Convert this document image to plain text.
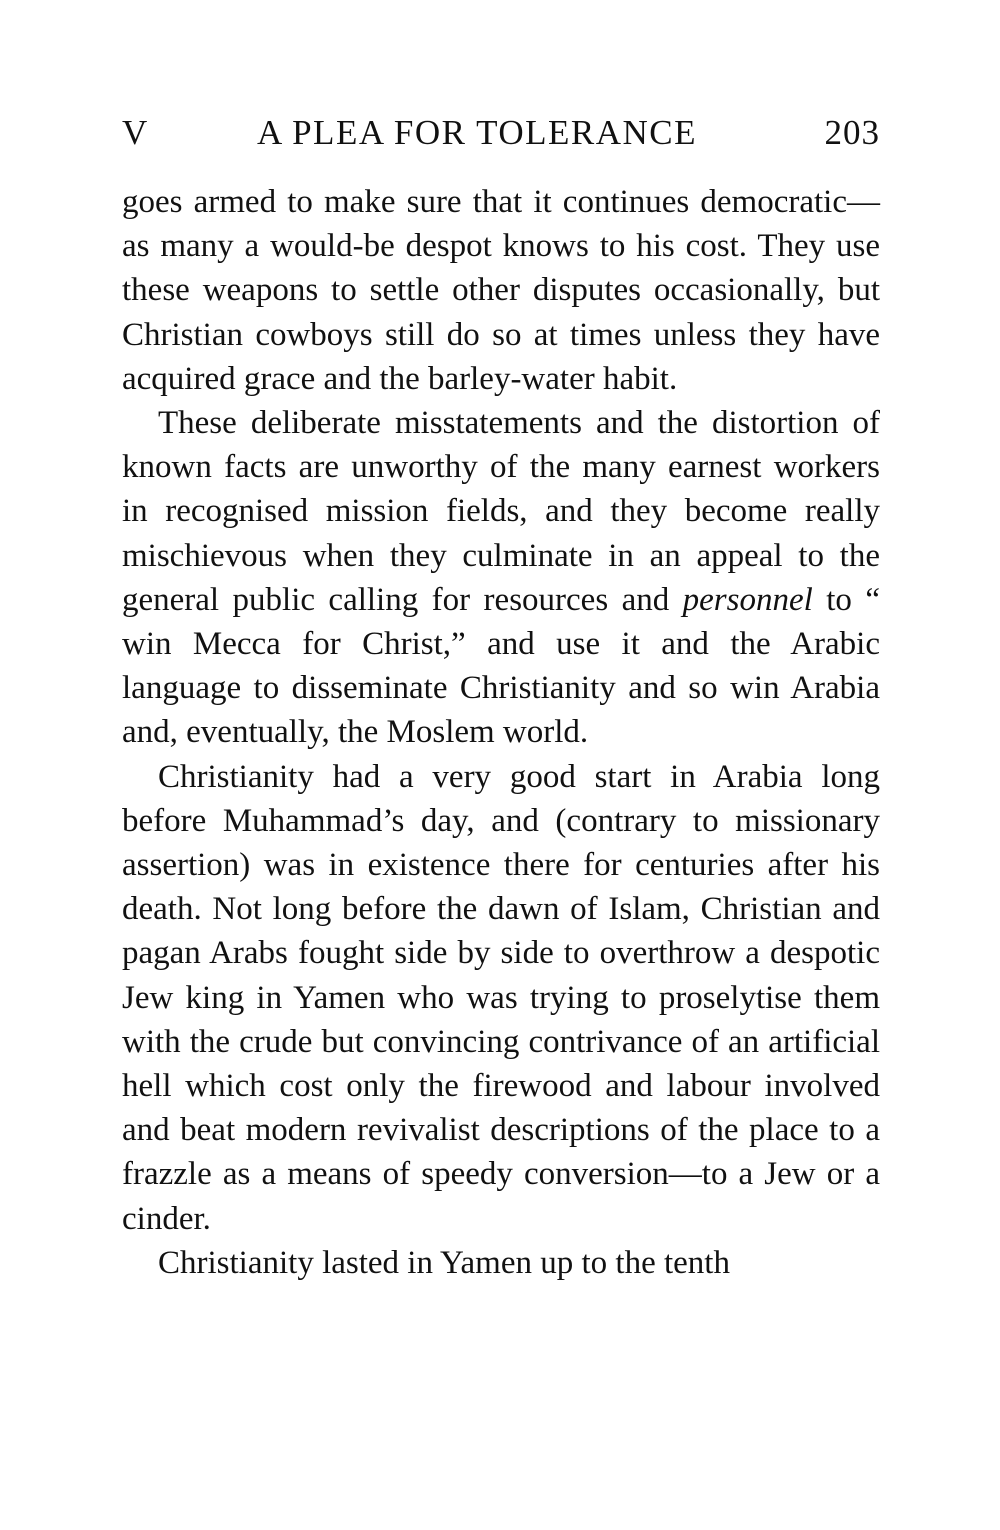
V	A PLEA FOR TOLERANCE	203

goes armed to make sure that it continues democratic—as many a would-be despot knows to his cost. They use these weapons to settle other disputes occasionally, but Christian cowboys still do so at times unless they have acquired grace and the barley-water habit.

These deliberate misstatements and the distortion of known facts are unworthy of the many earnest workers in recognised mission fields, and they become really mischievous when they culminate in an appeal to the general public calling for resources and personnel to “ win Mecca for Christ,” and use it and the Arabic language to disseminate Christianity and so win Arabia and, eventually, the Moslem world.

Christianity had a very good start in Arabia long before Muhammad’s day, and (contrary to missionary assertion) was in existence there for centuries after his death. Not long before the dawn of Islam, Christian and pagan Arabs fought side by side to overthrow a despotic Jew king in Yamen who was trying to proselytise them with the crude but convincing contrivance of an artificial hell which cost only the firewood and labour involved and beat modern revivalist descriptions of the place to a frazzle as a means of speedy conversion—to a Jew or a cinder.

Christianity lasted in Yamen up to the tenth
